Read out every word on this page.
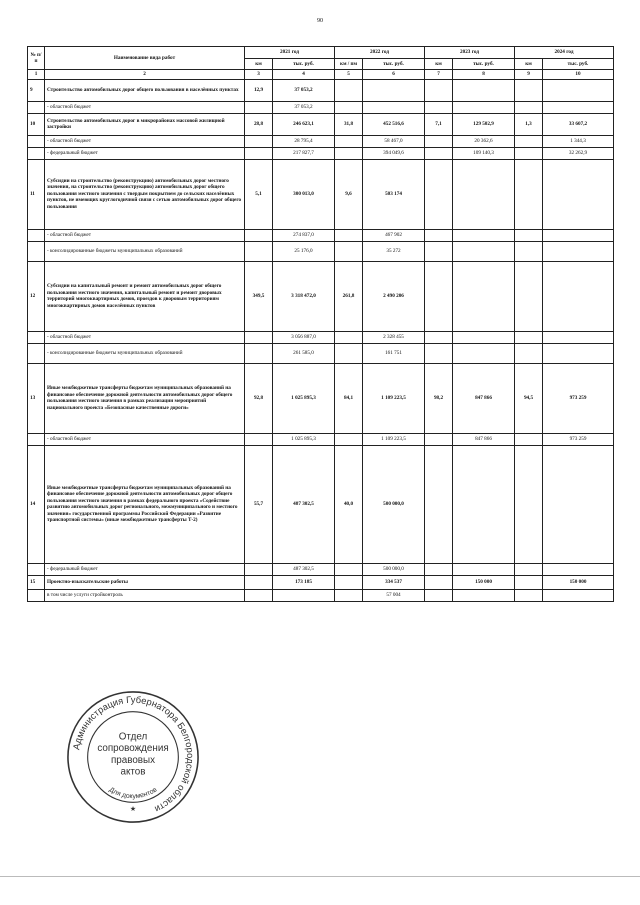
90
№ п/п	Наименование вида работ	2021 год		2022 год		2023 год		2024 год	
		км	тыс. руб.	км / пм	тыс. руб.	км	тыс. руб.	км	тыс. руб.
1	2	3	4	5	6	7	8	9	10
9	Строительство автомобильных дорог общего пользования в населённых пунктах	12,9	37 053,2						
	- областной бюджет		37 053,2						
10	Строительство автомобильных дорог в микрорайонах массовой жилищной застройки	28,8	246 623,1	31,8	452 516,6	7,1	129 502,9	1,3	33 607,2
	- областной бюджет		28 795,4		58 467,0		20 362,6		1 344,3
	- федеральный бюджет		217 827,7		394 049,6		109 140,3		32 262,9
11	Субсидии на строительство (реконструкцию) автомобильных дорог местного значения, на строительство (реконструкцию) автомобильных дорог общего пользования местного значения с твердым покрытием до сельских населённых пунктов, не имеющих круглогодичной связи с сетью автомобильных дорог общего пользования	5,1	300 013,0	9,6	503 174				
	- областной бюджет		274 837,0		467 902				
	- консолидированные бюджеты муниципальных образований		25 176,0		35 272				
12	Субсидии на капитальный ремонт и ремонт автомобильных дорог общего пользования местного значения, капитальный ремонт и ремонт дворовых территорий многоквартирных домов, проездов к дворовым территориям многоквартирных домов населённых пунктов	349,5	3 318 472,0	261,8	2 490 206				
	- областной бюджет		3 056 887,0		2 328 455				
	- консолидированные бюджеты муниципальных образований		261 585,0		161 751				
13	Иные межбюджетные трансферты бюджетам муниципальных образований на финансовое обеспечение дорожной деятельности автомобильных дорог общего пользования местного значения в рамках реализации мероприятий национального проекта «Безопасные качественные дороги»	92,8	1 025 895,3	84,1	1 109 223,5	98,2	847 866	94,5	973 259
	- областной бюджет		1 025 895,3		1 109 223,5		847 866		973 259
14	Иные межбюджетные трансферты бюджетам муниципальных образований на финансовое обеспечение дорожной деятельности автомобильных дорог общего пользования местного значения в рамках федерального проекта «Содействие развитию автомобильных дорог регионального, межмуниципального и местного значения» государственной программы Российской Федерации «Развитие транспортной системы» (иные межбюджетные трансферты Т-2)	55,7	487 302,5	40,0	500 000,0				
	- федеральный бюджет		487 302,5		500 000,0				
15	Проектно-изыскательские работы		173 185		334 537		150 000		150 000
	в том числе услуги стройконтроль				57 004				
Администрация Губернатора Белгородской области
Отдел
сопровождения
правовых
актов
Для документов
★
